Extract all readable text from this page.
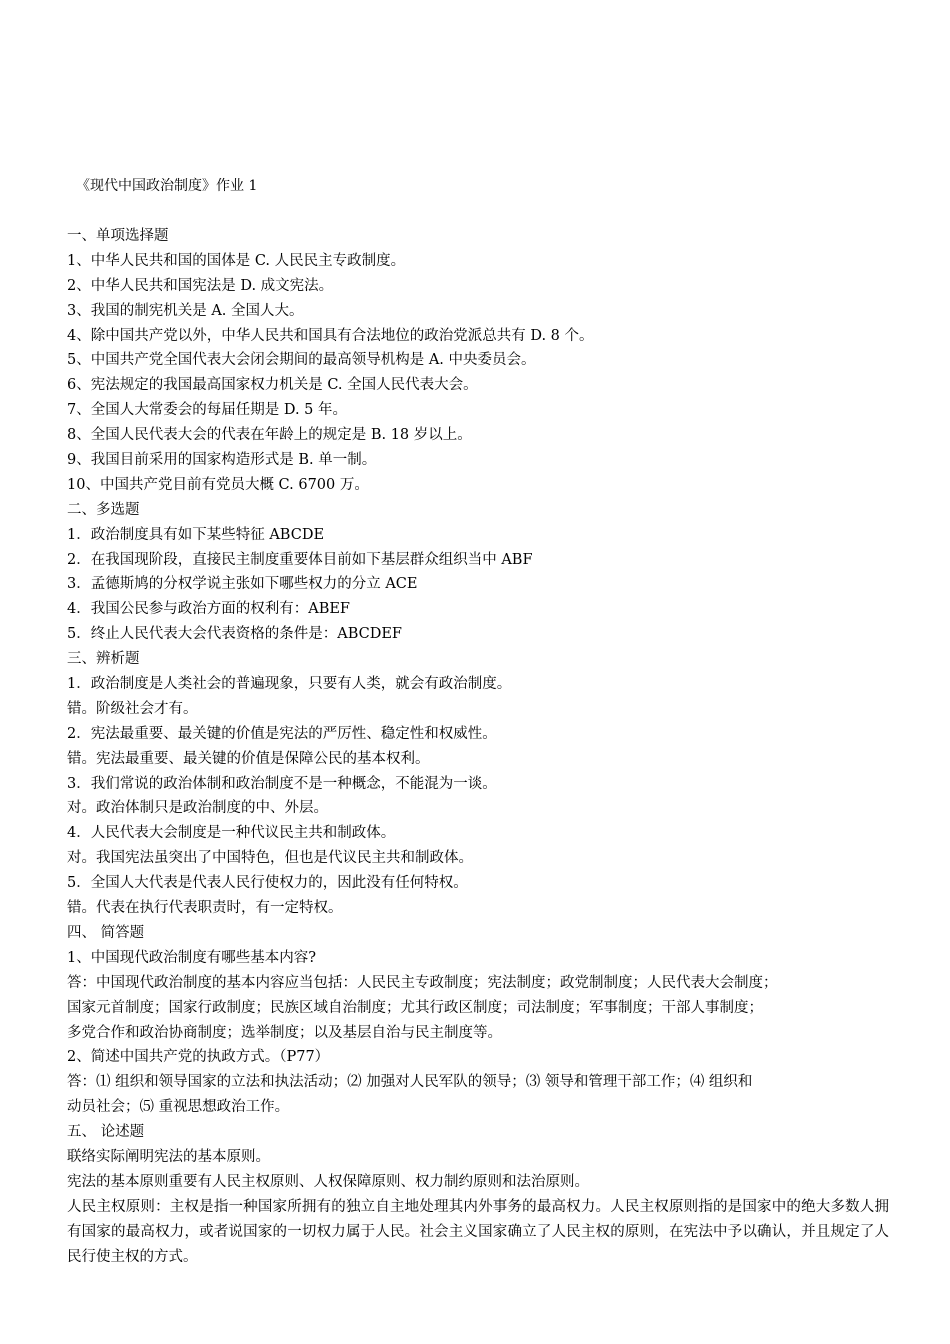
《现代中国政治制度》作业 1
一、单项选择题
1、中华人民共和国的国体是 C. 人民民主专政制度。
2、中华人民共和国宪法是 D. 成文宪法。
3、我国的制宪机关是 A. 全国人大。
4、除中国共产党以外，中华人民共和国具有合法地位的政治党派总共有 D. 8 个。
5、中国共产党全国代表大会闭会期间的最高领导机构是 A. 中央委员会。
6、宪法规定的我国最高国家权力机关是 C. 全国人民代表大会。
7、全国人大常委会的每届任期是 D. 5 年。
8、全国人民代表大会的代表在年龄上的规定是 B. 18 岁以上。
9、我国目前采用的国家构造形式是 B. 单一制。
10、中国共产党目前有党员大概 C. 6700 万。
二、多选题
1．政治制度具有如下某些特征 ABCDE
2．在我国现阶段，直接民主制度重要体目前如下基层群众组织当中 ABF
3．孟德斯鸠的分权学说主张如下哪些权力的分立 ACE
4．我国公民参与政治方面的权利有：ABEF
5．终止人民代表大会代表资格的条件是：ABCDEF
三、辨析题
1．政治制度是人类社会的普遍现象，只要有人类，就会有政治制度。
错。阶级社会才有。
2．宪法最重要、最关键的价值是宪法的严厉性、稳定性和权威性。
错。宪法最重要、最关键的价值是保障公民的基本权利。
3．我们常说的政治体制和政治制度不是一种概念，不能混为一谈。
对。政治体制只是政治制度的中、外层。
4．人民代表大会制度是一种代议民主共和制政体。
对。我国宪法虽突出了中国特色，但也是代议民主共和制政体。
5．全国人大代表是代表人民行使权力的，因此没有任何特权。
错。代表在执行代表职责时，有一定特权。
四、 简答题
1、中国现代政治制度有哪些基本内容?
答：中国现代政治制度的基本内容应当包括：人民民主专政制度；宪法制度；政党制制度；人民代表大会制度；
国家元首制度；国家行政制度；民族区域自治制度；尤其行政区制度；司法制度；军事制度；干部人事制度；
多党合作和政治协商制度；选举制度；以及基层自治与民主制度等。
2、简述中国共产党的执政方式。（P77）
答：⑴ 组织和领导国家的立法和执法活动；⑵ 加强对人民军队的领导；⑶ 领导和管理干部工作；⑷ 组织和
动员社会；⑸ 重视思想政治工作。
五、 论述题
联络实际阐明宪法的基本原则。
宪法的基本原则重要有人民主权原则、人权保障原则、权力制约原则和法治原则。
人民主权原则：主权是指一种国家所拥有的独立自主地处理其内外事务的最高权力。人民主权原则指的是国家中的绝大多数人拥有国家的最高权力，或者说国家的一切权力属于人民。社会主义国家确立了人民主权的原则，在宪法中予以确认，并且规定了人民行使主权的方式。
